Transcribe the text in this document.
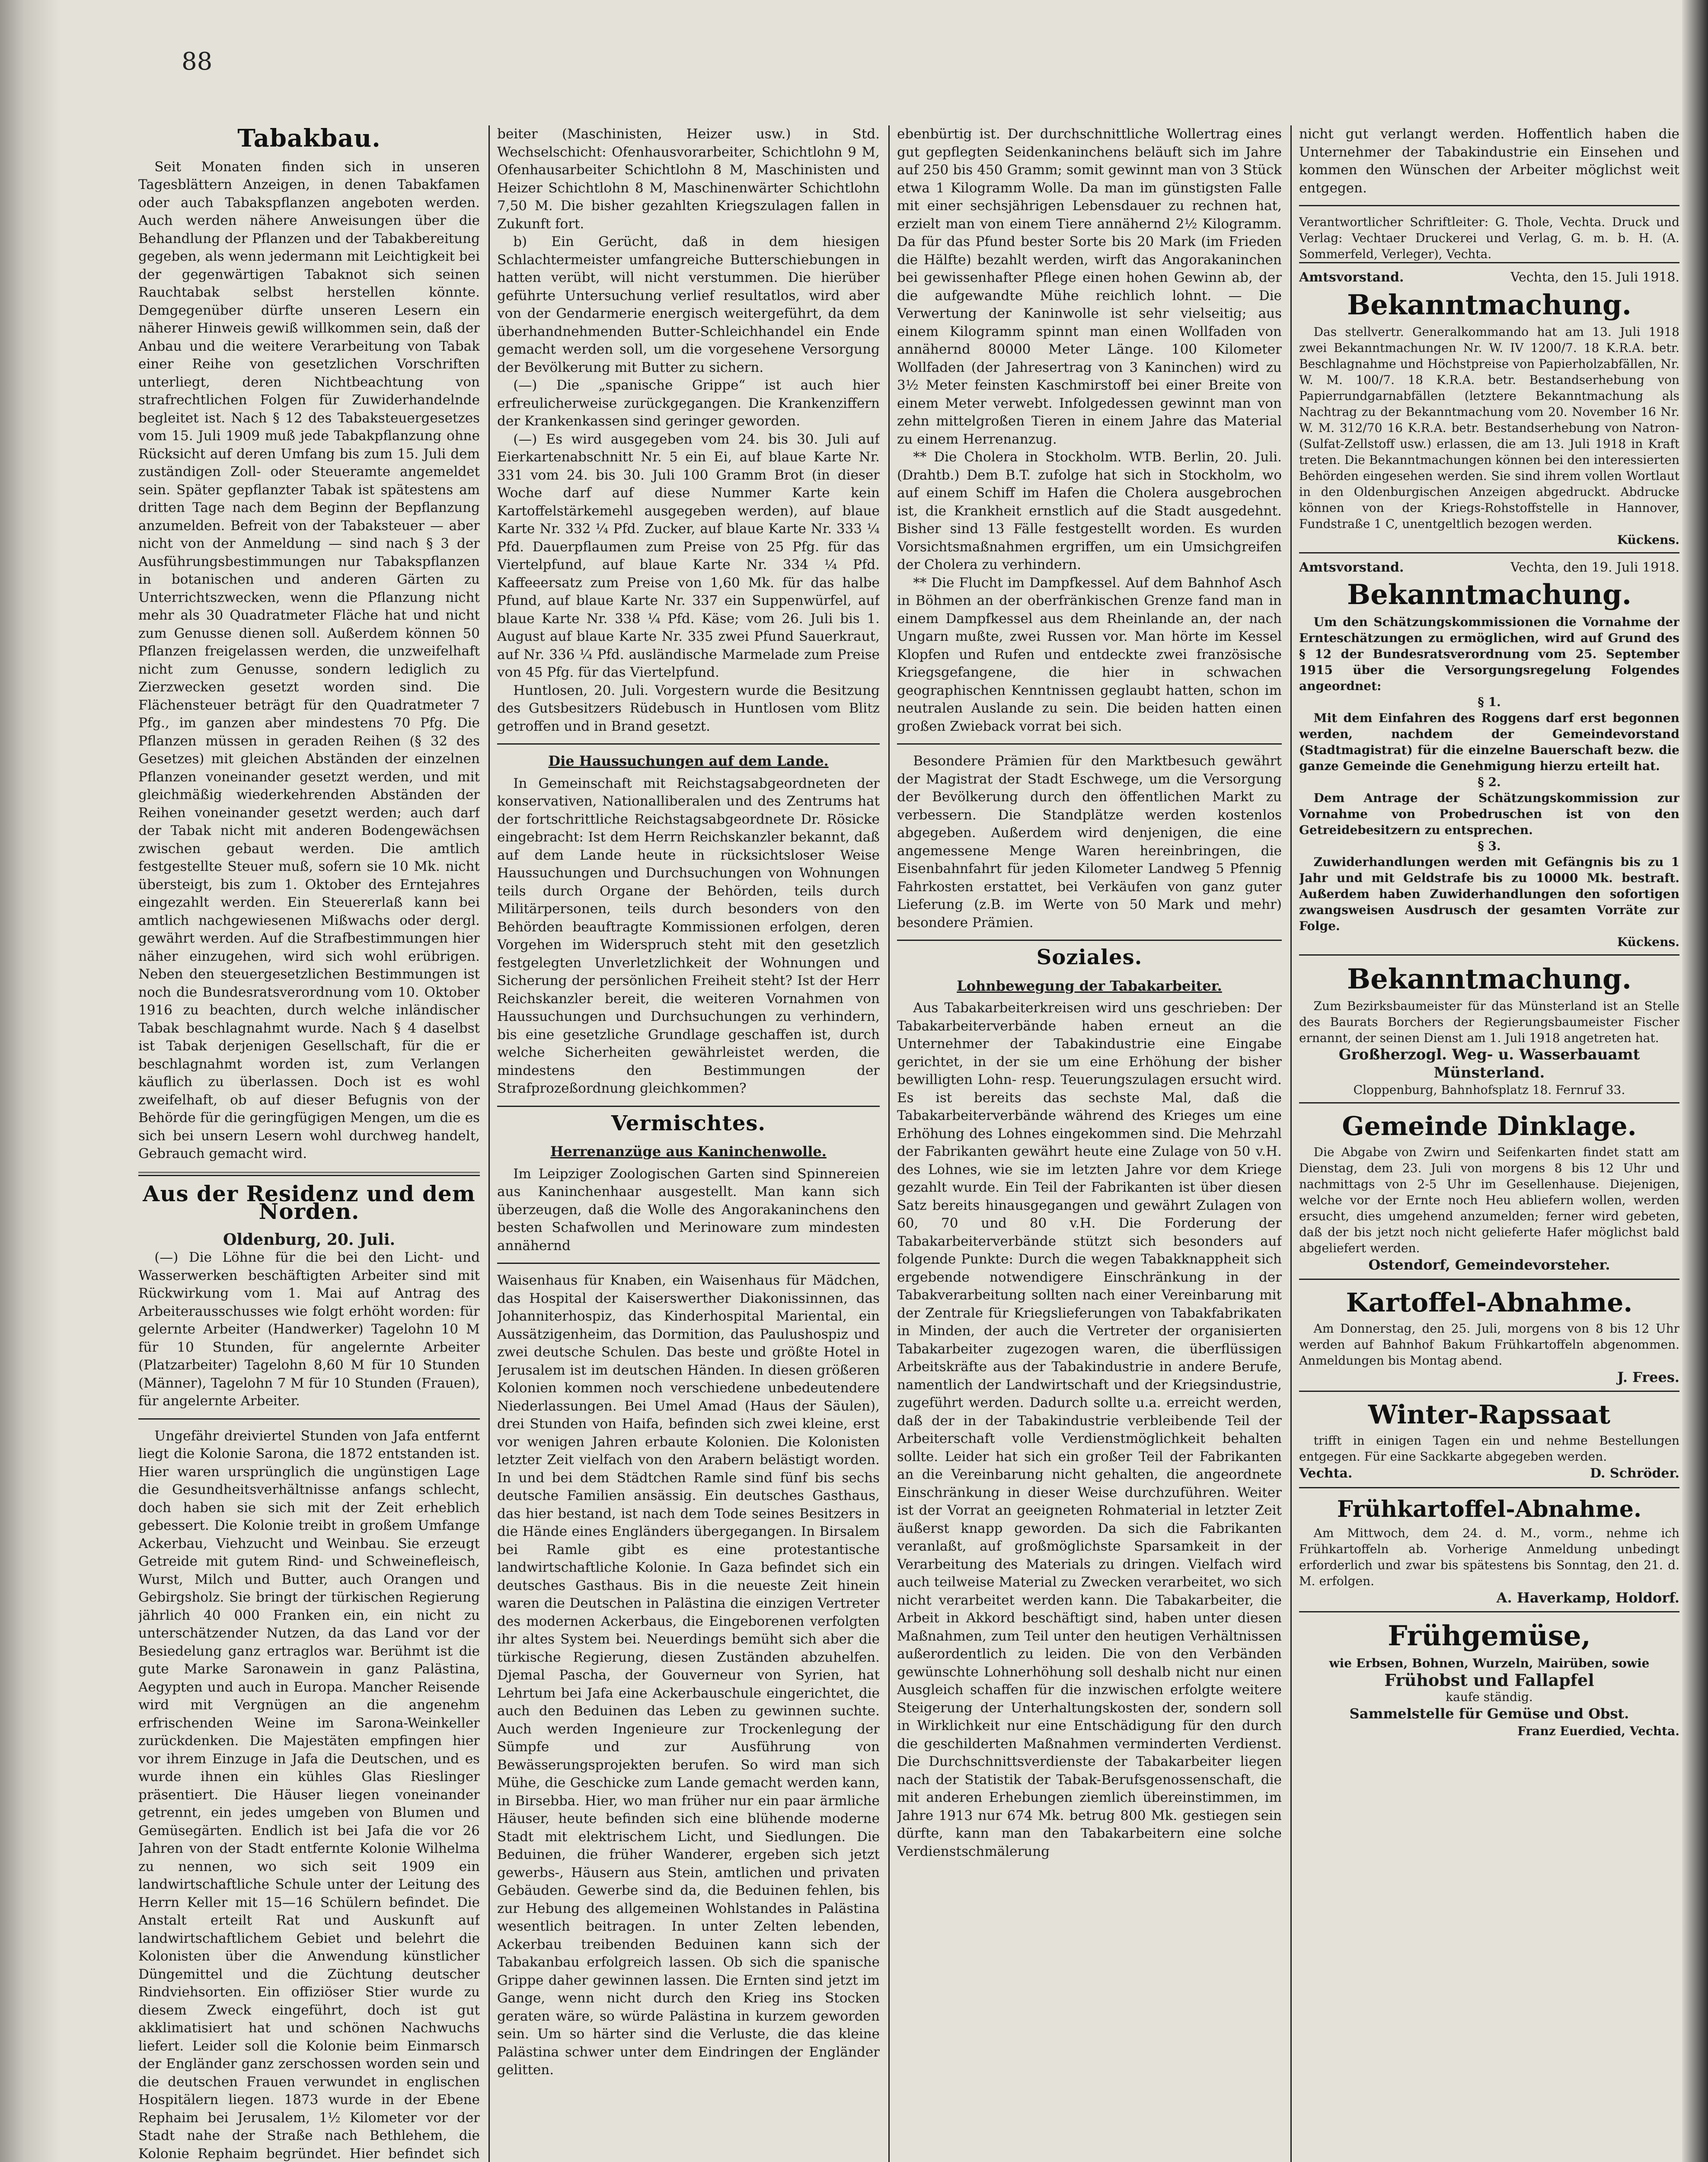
88
Tabakbau.

Seit Monaten finden sich in unseren Tagesblättern Anzeigen, in denen Tabakfamen oder auch Tabakspflanzen angeboten werden. Auch werden nähere Anweisungen über die Behandlung der Pflanzen und der Tabakbereitung gegeben, als wenn jedermann mit Leichtigkeit bei der gegenwärtigen Tabaknot sich seinen Rauchtabak selbst herstellen könnte. Demgegenüber dürfte unseren Lesern ein näherer Hinweis gewiß willkommen sein, daß der Anbau und die weitere Verarbeitung von Tabak einer Reihe von gesetzlichen Vorschriften unterliegt, deren Nichtbeachtung von strafrechtlichen Folgen für Zuwiderhandelnde begleitet ist. Nach § 12 des Tabaksteuergesetzes vom 15. Juli 1909 muß jede Tabakpflanzung ohne Rücksicht auf deren Umfang bis zum 15. Juli dem zuständigen Zoll- oder Steueramte angemeldet sein. Später gepflanzter Tabak ist spätestens am dritten Tage nach dem Beginn der Bepflanzung anzumelden. Befreit von der Tabaksteuer — aber nicht von der Anmeldung — sind nach § 3 der Ausführungsbestimmungen nur Tabakspflanzen in botanischen und anderen Gärten zu Unterrichtszwecken, wenn die Pflanzung nicht mehr als 30 Quadratmeter Fläche hat und nicht zum Genusse dienen soll. Außerdem können 50 Pflanzen freigelassen werden, die unzweifelhaft nicht zum Genusse, sondern lediglich zu Zierzwecken gesetzt worden sind. Die Flächensteuer beträgt für den Quadratmeter 7 Pfg., im ganzen aber mindestens 70 Pfg. Die Pflanzen müssen in geraden Reihen (§ 32 des Gesetzes) mit gleichen Abständen der einzelnen Pflanzen voneinander gesetzt werden, und mit gleichmäßig wiederkehrenden Abständen der Reihen voneinander gesetzt werden; auch darf der Tabak nicht mit anderen Bodengewächsen zwischen gebaut werden. Die amtlich festgestellte Steuer muß, sofern sie 10 Mk. nicht übersteigt, bis zum 1. Oktober des Erntejahres eingezahlt werden. Ein Steuererlaß kann bei amtlich nachgewiesenen Mißwachs oder dergl. gewährt werden. Auf die Strafbestimmungen hier näher einzugehen, wird sich wohl erübrigen. Neben den steuergesetzlichen Bestimmungen ist noch die Bundesratsverordnung vom 10. Oktober 1916 zu beachten, durch welche inländischer Tabak beschlagnahmt wurde. Nach § 4 daselbst ist Tabak derjenigen Gesellschaft, für die er beschlagnahmt worden ist, zum Verlangen käuflich zu überlassen. Doch ist es wohl zweifelhaft, ob auf dieser Befugnis von der Behörde für die geringfügigen Mengen, um die es sich bei unsern Lesern wohl durchweg handelt, Gebrauch gemacht wird.

Aus der Residenz und dem Norden.

Oldenburg, 20. Juli.

(—) Die Löhne für die bei den Licht- und Wasserwerken beschäftigten Arbeiter sind mit Rückwirkung vom 1. Mai auf Antrag des Arbeiterausschusses wie folgt erhöht worden: für gelernte Arbeiter (Handwerker) Tagelohn 10 M für 10 Stunden, für angelernte Arbeiter (Platzarbeiter) Tagelohn 8,60 M für 10 Stunden (Männer), Tagelohn 7 M für 10 Stunden (Frauen), für angelernte Arbeiter.

Ungefähr dreiviertel Stunden von Jafa entfernt liegt die Kolonie Sarona, die 1872 entstanden ist. Hier waren ursprünglich die ungünstigen Lage die Gesundheitsverhältnisse anfangs schlecht, doch haben sie sich mit der Zeit erheblich gebessert. Die Kolonie treibt in großem Umfange Ackerbau, Viehzucht und Weinbau. Sie erzeugt Getreide mit gutem Rind- und Schweinefleisch, Wurst, Milch und Butter, auch Orangen und Gebirgsholz. Sie bringt der türkischen Regierung jährlich 40 000 Franken ein, ein nicht zu unterschätzender Nutzen, da das Land vor der Besiedelung ganz ertraglos war. Berühmt ist die gute Marke Saronawein in ganz Palästina, Aegypten und auch in Europa. Mancher Reisende wird mit Vergnügen an die angenehm erfrischenden Weine im Sarona-Weinkeller zurückdenken. Die Majestäten empfingen hier vor ihrem Einzuge in Jafa die Deutschen, und es wurde ihnen ein kühles Glas Rieslinger präsentiert. Die Häuser liegen voneinander getrennt, ein jedes umgeben von Blumen und Gemüsegärten. Endlich ist bei Jafa die vor 26 Jahren von der Stadt entfernte Kolonie Wilhelma zu nennen, wo sich seit 1909 ein landwirtschaftliche Schule unter der Leitung des Herrn Keller mit 15—16 Schülern befindet. Die Anstalt erteilt Rat und Auskunft auf landwirtschaftlichem Gebiet und belehrt die Kolonisten über die Anwendung künstlicher Düngemittel und die Züchtung deutscher Rindviehsorten. Ein offiziöser Stier wurde zu diesem Zweck eingeführt, doch ist gut akklimatisiert hat und schönen Nachwuchs liefert. Leider soll die Kolonie beim Einmarsch der Engländer ganz zerschossen worden sein und die deutschen Frauen verwundet in englischen Hospitälern liegen. 1873 wurde in der Ebene Rephaim bei Jerusalem, 1½ Kilometer vor der Stadt nahe der Straße nach Bethlehem, die Kolonie Rephaim begründet. Hier befindet sich

beiter (Maschinisten, Heizer usw.) in Std. Wechselschicht: Ofenhausvorarbeiter, Schichtlohn 9 M, Ofenhausarbeiter Schichtlohn 8 M, Maschinisten und Heizer Schichtlohn 8 M, Maschinenwärter Schichtlohn 7,50 M. Die bisher gezahlten Kriegszulagen fallen in Zukunft fort.

b) Ein Gerücht, daß in dem hiesigen Schlachtermeister umfangreiche Butterschiebungen in hatten verübt, will nicht verstummen. Die hierüber geführte Untersuchung verlief resultatlos, wird aber von der Gendarmerie energisch weitergeführt, da dem überhandnehmenden Butter-Schleichhandel ein Ende gemacht werden soll, um die vorgesehene Versorgung der Bevölkerung mit Butter zu sichern.

(—) Die „spanische Grippe“ ist auch hier erfreulicherweise zurückgegangen. Die Krankenziffern der Krankenkassen sind geringer geworden.

(—) Es wird ausgegeben vom 24. bis 30. Juli auf Eierkartenabschnitt Nr. 5 ein Ei, auf blaue Karte Nr. 331 vom 24. bis 30. Juli 100 Gramm Brot (in dieser Woche darf auf diese Nummer Karte kein Kartoffelstärkemehl ausgegeben werden), auf blaue Karte Nr. 332 ¼ Pfd. Zucker, auf blaue Karte Nr. 333 ¼ Pfd. Dauerpflaumen zum Preise von 25 Pfg. für das Viertelpfund, auf blaue Karte Nr. 334 ¼ Pfd. Kaffeeersatz zum Preise von 1,60 Mk. für das halbe Pfund, auf blaue Karte Nr. 337 ein Suppenwürfel, auf blaue Karte Nr. 338 ¼ Pfd. Käse; vom 26. Juli bis 1. August auf blaue Karte Nr. 335 zwei Pfund Sauerkraut, auf Nr. 336 ¼ Pfd. ausländische Marmelade zum Preise von 45 Pfg. für das Viertelpfund.

Huntlosen, 20. Juli. Vorgestern wurde die Besitzung des Gutsbesitzers Rüdebusch in Huntlosen vom Blitz getroffen und in Brand gesetzt.

Die Haussuchungen auf dem Lande.

In Gemeinschaft mit Reichstagsabgeordneten der konservativen, Nationalliberalen und des Zentrums hat der fortschrittliche Reichstagsabgeordnete Dr. Rösicke eingebracht: Ist dem Herrn Reichskanzler bekannt, daß auf dem Lande heute in rücksichtsloser Weise Haussuchungen und Durchsuchungen von Wohnungen teils durch Organe der Behörden, teils durch Militärpersonen, teils durch besonders von den Behörden beauftragte Kommissionen erfolgen, deren Vorgehen im Widerspruch steht mit den gesetzlich festgelegten Unverletzlichkeit der Wohnungen und Sicherung der persönlichen Freiheit steht? Ist der Herr Reichskanzler bereit, die weiteren Vornahmen von Haussuchungen und Durchsuchungen zu verhindern, bis eine gesetzliche Grundlage geschaffen ist, durch welche Sicherheiten gewährleistet werden, die mindestens den Bestimmungen der Strafprozeßordnung gleichkommen?

Vermischtes.
Herrenanzüge aus Kaninchenwolle.

Im Leipziger Zoologischen Garten sind Spinnereien aus Kaninchenhaar ausgestellt. Man kann sich überzeugen, daß die Wolle des Angorakaninchens den besten Schafwollen und Merinoware zum mindesten annähernd

Waisenhaus für Knaben, ein Waisenhaus für Mädchen, das Hospital der Kaiserswerther Diakonissinnen, das Johanniterhospiz, das Kinderhospital Mariental, ein Aussätzigenheim, das Dormition, das Paulushospiz und zwei deutsche Schulen. Das beste und größte Hotel in Jerusalem ist im deutschen Händen. In diesen größeren Kolonien kommen noch verschiedene unbedeutendere Niederlassungen. Bei Umel Amad (Haus der Säulen), drei Stunden von Haifa, befinden sich zwei kleine, erst vor wenigen Jahren erbaute Kolonien. Die Kolonisten letzter Zeit vielfach von den Arabern belästigt worden. In und bei dem Städtchen Ramle sind fünf bis sechs deutsche Familien ansässig. Ein deutsches Gasthaus, das hier bestand, ist nach dem Tode seines Besitzers in die Hände eines Engländers übergegangen. In Birsalem bei Ramle gibt es eine protestantische landwirtschaftliche Kolonie. In Gaza befindet sich ein deutsches Gasthaus. Bis in die neueste Zeit hinein waren die Deutschen in Palästina die einzigen Vertreter des modernen Ackerbaus, die Eingeborenen verfolgten ihr altes System bei. Neuerdings bemüht sich aber die türkische Regierung, diesen Zuständen abzuhelfen. Djemal Pascha, der Gouverneur von Syrien, hat Lehrtum bei Jafa eine Ackerbauschule eingerichtet, die auch den Beduinen das Leben zu gewinnen suchte. Auch werden Ingenieure zur Trockenlegung der Sümpfe und zur Ausführung von Bewässerungsprojekten berufen. So wird man sich Mühe, die Geschicke zum Lande gemacht werden kann, in Birsebba. Hier, wo man früher nur ein paar ärmliche Häuser, heute befinden sich eine blühende moderne Stadt mit elektrischem Licht, und Siedlungen. Die Beduinen, die früher Wanderer, ergeben sich jetzt gewerbs-, Häusern aus Stein, amtlichen und privaten Gebäuden. Gewerbe sind da, die Beduinen fehlen, bis zur Hebung des allgemeinen Wohlstandes in Palästina wesentlich beitragen. In unter Zelten lebenden, Ackerbau treibenden Beduinen kann sich der Tabakanbau erfolgreich lassen. Ob sich die spanische Grippe daher gewinnen lassen. Die Ernten sind jetzt im Gange, wenn nicht durch den Krieg ins Stocken geraten wäre, so würde Palästina in kurzem geworden sein. Um so härter sind die Verluste, die das kleine Palästina schwer unter dem Eindringen der Engländer gelitten.

ebenbürtig ist. Der durchschnittliche Wollertrag eines gut gepflegten Seidenkaninchens beläuft sich im Jahre auf 250 bis 450 Gramm; somit gewinnt man von 3 Stück etwa 1 Kilogramm Wolle. Da man im günstigsten Falle mit einer sechsjährigen Lebensdauer zu rechnen hat, erzielt man von einem Tiere annähernd 2½ Kilogramm. Da für das Pfund bester Sorte bis 20 Mark (im Frieden die Hälfte) bezahlt werden, wirft das Angorakaninchen bei gewissenhafter Pflege einen hohen Gewinn ab, der die aufgewandte Mühe reichlich lohnt. — Die Verwertung der Kaninwolle ist sehr vielseitig; aus einem Kilogramm spinnt man einen Wollfaden von annähernd 80000 Meter Länge. 100 Kilometer Wollfaden (der Jahresertrag von 3 Kaninchen) wird zu 3½ Meter feinsten Kaschmirstoff bei einer Breite von einem Meter verwebt. Infolgedessen gewinnt man von zehn mittelgroßen Tieren in einem Jahre das Material zu einem Herrenanzug.

** Die Cholera in Stockholm. WTB. Berlin, 20. Juli. (Drahtb.) Dem B.T. zufolge hat sich in Stockholm, wo auf einem Schiff im Hafen die Cholera ausgebrochen ist, die Krankheit ernstlich auf die Stadt ausgedehnt. Bisher sind 13 Fälle festgestellt worden. Es wurden Vorsichtsmaßnahmen ergriffen, um ein Umsichgreifen der Cholera zu verhindern.

** Die Flucht im Dampfkessel. Auf dem Bahnhof Asch in Böhmen an der oberfränkischen Grenze fand man in einem Dampfkessel aus dem Rheinlande an, der nach Ungarn mußte, zwei Russen vor. Man hörte im Kessel Klopfen und Rufen und entdeckte zwei französische Kriegsgefangene, die hier in schwachen geographischen Kenntnissen geglaubt hatten, schon im neutralen Auslande zu sein. Die beiden hatten einen großen Zwieback vorrat bei sich.

Besondere Prämien für den Marktbesuch gewährt der Magistrat der Stadt Eschwege, um die Versorgung der Bevölkerung durch den öffentlichen Markt zu verbessern. Die Standplätze werden kostenlos abgegeben. Außerdem wird denjenigen, die eine angemessene Menge Waren hereinbringen, die Eisenbahnfahrt für jeden Kilometer Landweg 5 Pfennig Fahrkosten erstattet, bei Verkäufen von ganz guter Lieferung (z.B. im Werte von 50 Mark und mehr) besondere Prämien.

Soziales.
Lohnbewegung der Tabakarbeiter.

Aus Tabakarbeiterkreisen wird uns geschrieben: Der Tabakarbeiterverbände haben erneut an die Unternehmer der Tabakindustrie eine Eingabe gerichtet, in der sie um eine Erhöhung der bisher bewilligten Lohn- resp. Teuerungszulagen ersucht wird. Es ist bereits das sechste Mal, daß die Tabakarbeiterverbände während des Krieges um eine Erhöhung des Lohnes eingekommen sind. Die Mehrzahl der Fabrikanten gewährt heute eine Zulage von 50 v.H. des Lohnes, wie sie im letzten Jahre vor dem Kriege gezahlt wurde. Ein Teil der Fabrikanten ist über diesen Satz bereits hinausgegangen und gewährt Zulagen von 60, 70 und 80 v.H. Die Forderung der Tabakarbeiterverbände stützt sich besonders auf folgende Punkte: Durch die wegen Tabakknappheit sich ergebende notwendigere Einschränkung in der Tabakverarbeitung sollten nach einer Vereinbarung mit der Zentrale für Kriegslieferungen von Tabakfabrikaten in Minden, der auch die Vertreter der organisierten Tabakarbeiter zugezogen waren, die überflüssigen Arbeitskräfte aus der Tabakindustrie in andere Berufe, namentlich der Landwirtschaft und der Kriegsindustrie, zugeführt werden. Dadurch sollte u.a. erreicht werden, daß der in der Tabakindustrie verbleibende Teil der Arbeiterschaft volle Verdienstmöglichkeit behalten sollte. Leider hat sich ein großer Teil der Fabrikanten an die Vereinbarung nicht gehalten, die angeordnete Einschränkung in dieser Weise durchzuführen. Weiter ist der Vorrat an geeigneten Rohmaterial in letzter Zeit äußerst knapp geworden. Da sich die Fabrikanten veranlaßt, auf großmöglichste Sparsamkeit in der Verarbeitung des Materials zu dringen. Vielfach wird auch teilweise Material zu Zwecken verarbeitet, wo sich nicht verarbeitet werden kann. Die Tabakarbeiter, die Arbeit in Akkord beschäftigt sind, haben unter diesen Maßnahmen, zum Teil unter den heutigen Verhältnissen außerordentlich zu leiden. Die von den Verbänden gewünschte Lohnerhöhung soll deshalb nicht nur einen Ausgleich schaffen für die inzwischen erfolgte weitere Steigerung der Unterhaltungskosten der, sondern soll in Wirklichkeit nur eine Entschädigung für den durch die geschilderten Maßnahmen verminderten Verdienst. Die Durchschnittsverdienste der Tabakarbeiter liegen nach der Statistik der Tabak-Berufsgenossenschaft, die mit anderen Erhebungen ziemlich übereinstimmen, im Jahre 1913 nur 674 Mk. betrug 800 Mk. gestiegen sein dürfte, kann man den Tabakarbeitern eine solche Verdienstschmälerung

nicht gut verlangt werden. Hoffentlich haben die Unternehmer der Tabakindustrie ein Einsehen und kommen den Wünschen der Arbeiter möglichst weit entgegen.

Verantwortlicher Schriftleiter: G. Thole, Vechta. Druck und Verlag: Vechtaer Druckerei und Verlag, G. m. b. H. (A. Sommerfeld, Verleger), Vechta.

Amtsvorstand.	Vechta, den 15. Juli 1918.
Bekanntmachung.

Das stellvertr. Generalkommando hat am 13. Juli 1918 zwei Bekanntmachungen Nr. W. IV 1200/7. 18 K.R.A. betr. Beschlagnahme und Höchstpreise von Papierholzabfällen, Nr. W. M. 100/7. 18 K.R.A. betr. Bestandserhebung von Papierrundgarnabfällen (letztere Bekanntmachung als Nachtrag zu der Bekanntmachung vom 20. November 16 Nr. W. M. 312/70 16 K.R.A. betr. Bestandserhebung von Natron-(Sulfat-Zellstoff usw.) erlassen, die am 13. Juli 1918 in Kraft treten. Die Bekanntmachungen können bei den interessierten Behörden eingesehen werden. Sie sind ihrem vollen Wortlaut in den Oldenburgischen Anzeigen abgedruckt. Abdrucke können von der Kriegs-Rohstoffstelle in Hannover, Fundstraße 1 C, unentgeltlich bezogen werden.

Kückens.
Amtsvorstand.	Vechta, den 19. Juli 1918.
Bekanntmachung.

Um den Schätzungskommissionen die Vornahme der Ernteschätzungen zu ermöglichen, wird auf Grund des § 12 der Bundesratsverordnung vom 25. September 1915 über die Versorgungsregelung Folgendes angeordnet:

§ 1.

Mit dem Einfahren des Roggens darf erst begonnen werden, nachdem der Gemeindevorstand (Stadtmagistrat) für die einzelne Bauerschaft bezw. die ganze Gemeinde die Genehmigung hierzu erteilt hat.

§ 2.

Dem Antrage der Schätzungskommission zur Vornahme von Probedruschen ist von den Getreidebesitzern zu entsprechen.

§ 3.

Zuwiderhandlungen werden mit Gefängnis bis zu 1 Jahr und mit Geldstrafe bis zu 10000 Mk. bestraft. Außerdem haben Zuwiderhandlungen den sofortigen zwangsweisen Ausdrusch der gesamten Vorräte zur Folge.

Kückens.
Bekanntmachung.

Zum Bezirksbaumeister für das Münsterland ist an Stelle des Baurats Borchers der Regierungsbaumeister Fischer ernannt, der seinen Dienst am 1. Juli 1918 angetreten hat.

Großherzogl. Weg- u. Wasserbauamt Münsterland.
Cloppenburg, Bahnhofsplatz 18. Fernruf 33.
Gemeinde Dinklage.

Die Abgabe von Zwirn und Seifenkarten findet statt am Dienstag, dem 23. Juli von morgens 8 bis 12 Uhr und nachmittags von 2-5 Uhr im Gesellenhause. Diejenigen, welche vor der Ernte noch Heu abliefern wollen, werden ersucht, dies umgehend anzumelden; ferner wird gebeten, daß der bis jetzt noch nicht gelieferte Hafer möglichst bald abgeliefert werden.

Ostendorf, Gemeindevorsteher.
Kartoffel-Abnahme.

Am Donnerstag, den 25. Juli, morgens von 8 bis 12 Uhr werden auf Bahnhof Bakum Frühkartoffeln abgenommen. Anmeldungen bis Montag abend.

J. Frees.
Winter-Rapssaat

trifft in einigen Tagen ein und nehme Bestellungen entgegen. Für eine Sackkarte abgegeben werden.

Vechta.	D. Schröder.
Frühkartoffel-Abnahme.

Am Mittwoch, dem 24. d. M., vorm., nehme ich Frühkartoffeln ab. Vorherige Anmeldung unbedingt erforderlich und zwar bis spätestens bis Sonntag, den 21. d. M. erfolgen.

A. Haverkamp, Holdorf.
Frühgemüse,
wie Erbsen, Bohnen, Wurzeln, Mairüben, sowie
Frühobst und Fallapfel
kaufe ständig.
Sammelstelle für Gemüse und Obst.
Franz Euerdied, Vechta.
